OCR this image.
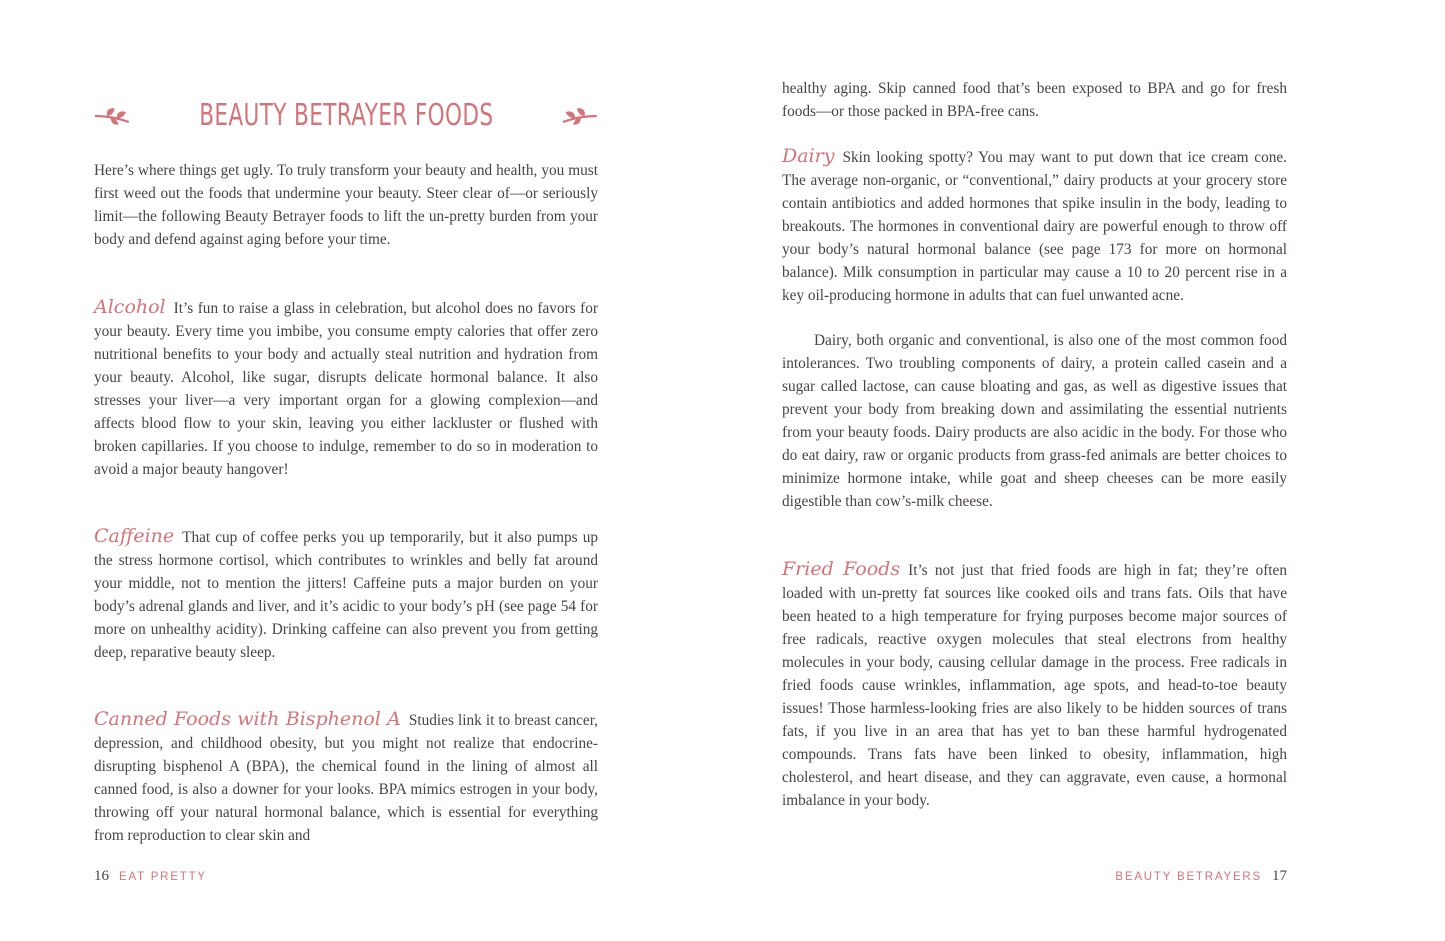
BEAUTY BETRAYER FOODS

Here’s where things get ugly. To truly transform your beauty and health, you must first weed out the foods that undermine your beauty. Steer clear of—or seriously limit—the following Beauty Betrayer foods to lift the un-pretty burden from your body and defend against aging before your time.

Alcohol It’s fun to raise a glass in celebration, but alcohol does no favors for your beauty. Every time you imbibe, you consume empty calories that offer zero nutritional benefits to your body and actually steal nutrition and hydration from your beauty. Alcohol, like sugar, disrupts delicate hormonal balance. It also stresses your liver—a very important organ for a glowing complexion—and affects blood flow to your skin, leaving you either lackluster or flushed with broken capillaries. If you choose to indulge, remember to do so in moderation to avoid a major beauty hangover!

Caffeine That cup of coffee perks you up temporarily, but it also pumps up the stress hormone cortisol, which contributes to wrinkles and belly fat around your middle, not to mention the jitters! Caffeine puts a major burden on your body’s adrenal glands and liver, and it’s acidic to your body’s pH (see page 54 for more on unhealthy acidity). Drinking caffeine can also prevent you from getting deep, reparative beauty sleep.

Canned Foods with Bisphenol A Studies link it to breast cancer, depression, and childhood obesity, but you might not realize that endocrine-disrupting bisphenol A (BPA), the chemical found in the lining of almost all canned food, is also a downer for your looks. BPA mimics estrogen in your body, throwing off your natural hormonal balance, which is essential for everything from reproduction to clear skin and

16 EAT PRETTY

healthy aging. Skip canned food that’s been exposed to BPA and go for fresh foods—or those packed in BPA-free cans.

Dairy Skin looking spotty? You may want to put down that ice cream cone. The average non-organic, or “conventional,” dairy products at your grocery store contain antibiotics and added hormones that spike insulin in the body, leading to breakouts. The hormones in conventional dairy are powerful enough to throw off your body’s natural hormonal balance (see page 173 for more on hormonal balance). Milk consumption in particular may cause a 10 to 20 percent rise in a key oil-producing hormone in adults that can fuel unwanted acne.

Dairy, both organic and conventional, is also one of the most common food intolerances. Two troubling components of dairy, a protein called casein and a sugar called lactose, can cause bloating and gas, as well as digestive issues that prevent your body from breaking down and assimilating the essential nutrients from your beauty foods. Dairy products are also acidic in the body. For those who do eat dairy, raw or organic products from grass-fed animals are better choices to minimize hormone intake, while goat and sheep cheeses can be more easily digestible than cow’s-milk cheese.

Fried Foods It’s not just that fried foods are high in fat; they’re often loaded with un-pretty fat sources like cooked oils and trans fats. Oils that have been heated to a high temperature for frying purposes become major sources of free radicals, reactive oxygen molecules that steal electrons from healthy molecules in your body, causing cellular damage in the process. Free radicals in fried foods cause wrinkles, inflammation, age spots, and head-to-toe beauty issues! Those harmless-looking fries are also likely to be hidden sources of trans fats, if you live in an area that has yet to ban these harmful hydrogenated compounds. Trans fats have been linked to obesity, inflammation, high cholesterol, and heart disease, and they can aggravate, even cause, a hormonal imbalance in your body.

BEAUTY BETRAYERS 17
